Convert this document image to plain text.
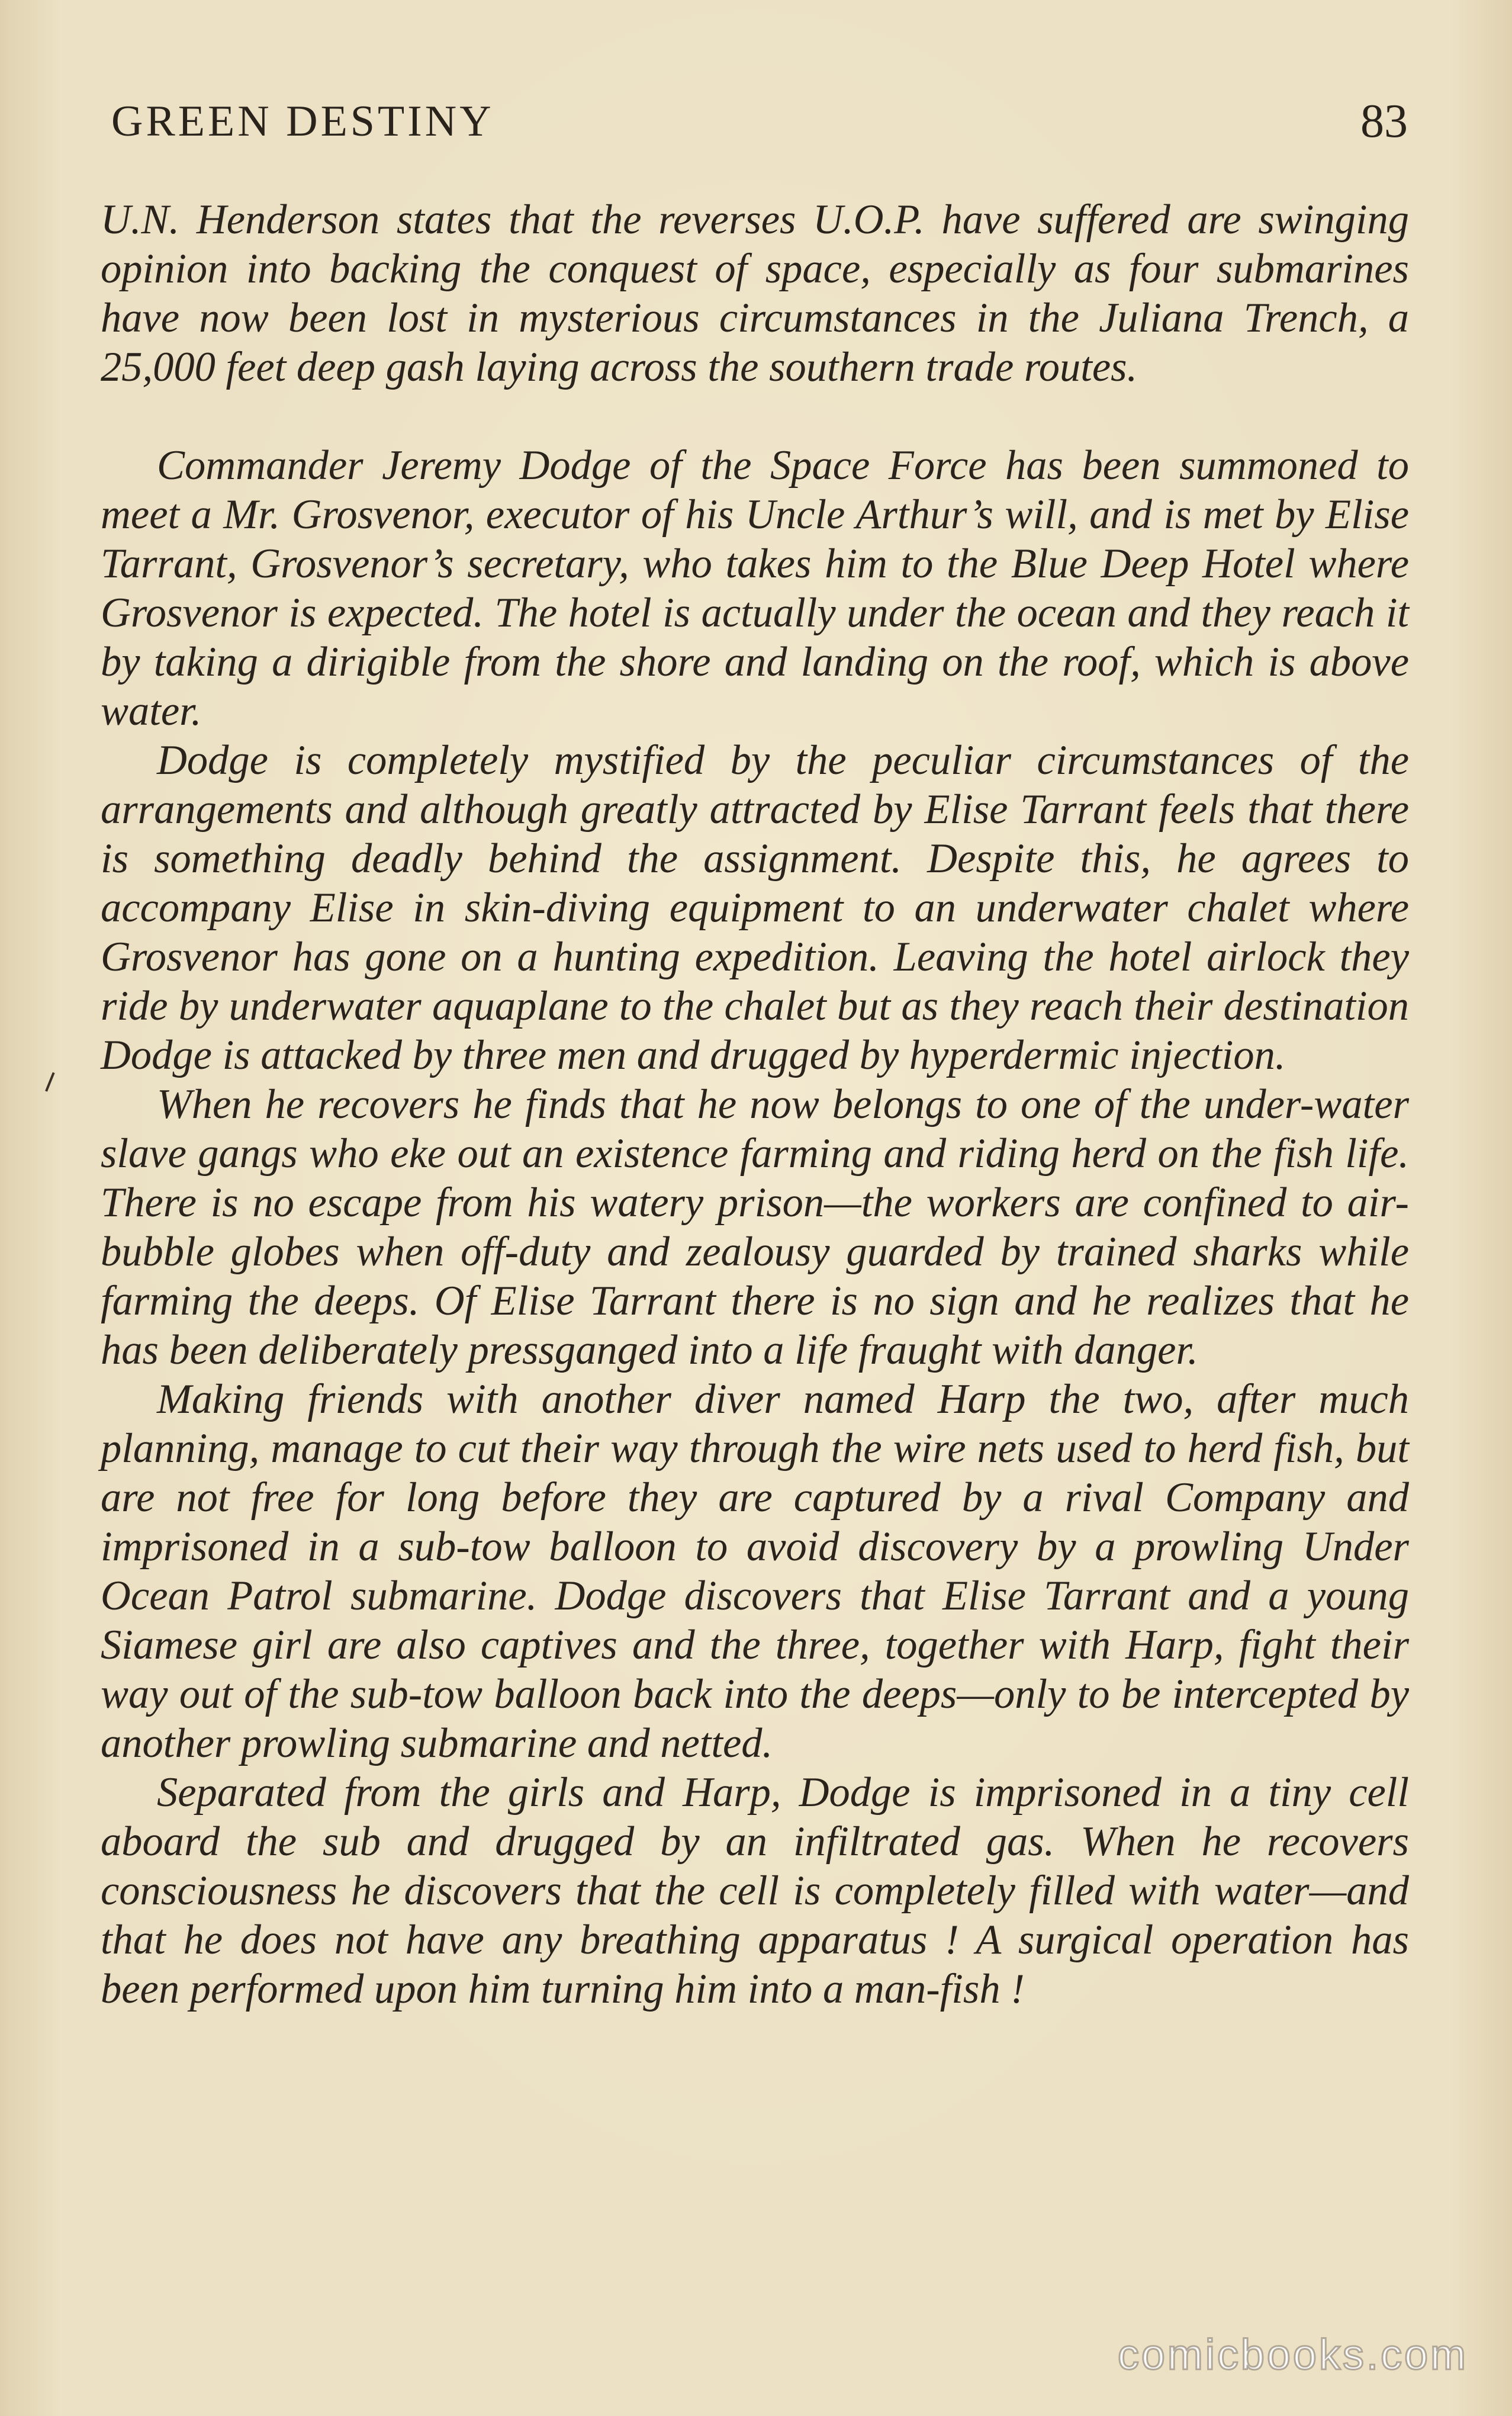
GREEN DESTINY	83

U.N. Henderson states that the reverses U.O.P. have suffered are swinging opinion into backing the conquest of space, especially as four submarines have now been lost in mysterious circumstances in the Juliana Trench, a 25,000 feet deep gash laying across the southern trade routes.

Commander Jeremy Dodge of the Space Force has been summoned to meet a Mr. Grosvenor, executor of his Uncle Arthur’s will, and is met by Elise Tarrant, Grosvenor’s secretary, who takes him to the Blue Deep Hotel where Grosvenor is expected. The hotel is actually under the ocean and they reach it by taking a dirigible from the shore and landing on the roof, which is above water.

Dodge is completely mystified by the peculiar circumstances of the arrangements and although greatly attracted by Elise Tarrant feels that there is something deadly behind the assignment. Despite this, he agrees to accompany Elise in skin-diving equipment to an underwater chalet where Grosvenor has gone on a hunting expedition. Leaving the hotel airlock they ride by underwater aquaplane to the chalet but as they reach their destination Dodge is attacked by three men and drugged by hyperdermic injection.

When he recovers he finds that he now belongs to one of the under-water slave gangs who eke out an existence farming and riding herd on the fish life. There is no escape from his watery prison—the workers are confined to air-bubble globes when off-duty and zealousy guarded by trained sharks while farming the deeps. Of Elise Tarrant there is no sign and he realizes that he has been deliberately pressganged into a life fraught with danger.

Making friends with another diver named Harp the two, after much planning, manage to cut their way through the wire nets used to herd fish, but are not free for long before they are captured by a rival Company and imprisoned in a sub-tow balloon to avoid discovery by a prowling Under Ocean Patrol submarine. Dodge discovers that Elise Tarrant and a young Siamese girl are also captives and the three, together with Harp, fight their way out of the sub-tow balloon back into the deeps—only to be intercepted by another prowling submarine and netted.

Separated from the girls and Harp, Dodge is imprisoned in a tiny cell aboard the sub and drugged by an infiltrated gas. When he recovers consciousness he discovers that the cell is completely filled with water—and that he does not have any breathing apparatus ! A surgical operation has been performed upon him turning him into a man-fish !

comicbooks.com
